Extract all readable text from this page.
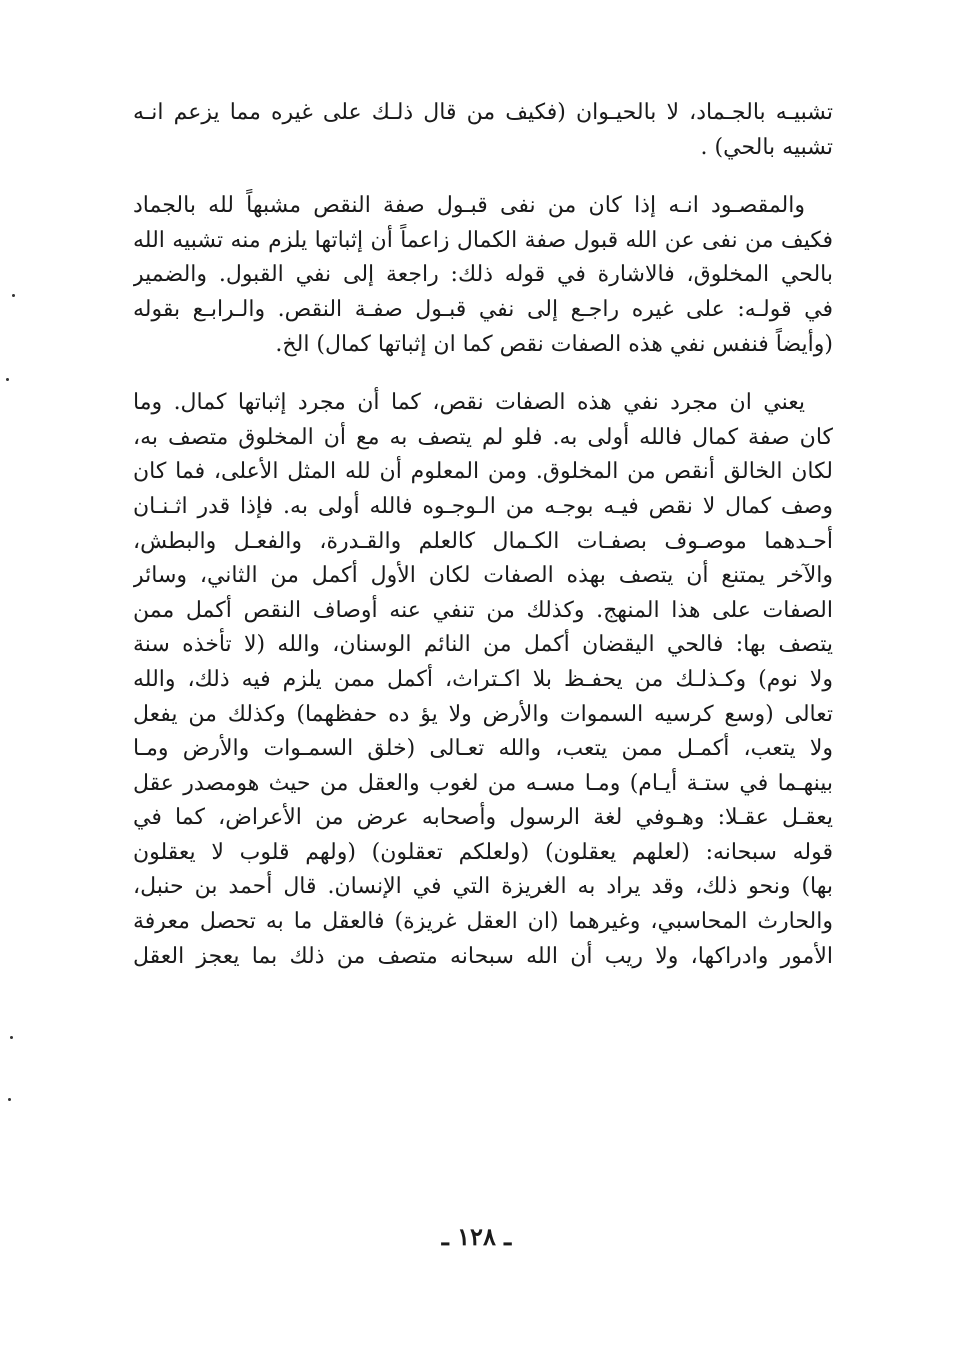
تشبيـه بالجـماد، لا بالحيـوان (فكيف من قال ذلـك على غيره مما يزعم انـه
تشبيه بالحي) .

والمقصـود انـه إذا كان من نفى قبـول صفة النقص مشبهاً لله بالجماد
فكيف من نفى عن الله قبول صفة الكمال زاعماً أن إثباتها يلزم منه تشبيه الله
بالحي المخلوق، فالاشارة في قوله ذلك: راجعة إلى نفي القبول. والضمير
في قولـه: على غيره راجـع إلى نفي قبـول صفـة النقص. والـرابـع بقوله
(وأيضاً فنفس نفي هذه الصفات نقص كما ان إثباتها كمال) الخ.

يعني ان مجرد نفي هذه الصفات نقص، كما أن مجرد إثباتها كمال. وما
كان صفة كمال فالله أولى به. فلو لم يتصف به مع أن المخلوق متصف به،
لكان الخالق أنقص من المخلوق. ومن المعلوم أن لله المثل الأعلى، فما كان
وصف كمال لا نقص فيـه بوجـه من الـوجـوه فالله أولى به. فإذا قدر اثـنـان
أحـدهما موصـوف بصفـات الكـمال كالعلم والقـدرة، والفعـل والبطش،
والآخر يمتنع أن يتصف بهذه الصفات لكان الأول أكمل من الثاني، وسائر
الصفات على هذا المنهج. وكذلك من تنفي عنه أوصاف النقص أكمل ممن
يتصف بها: فالحي اليقضان أكمل من النائم الوسنان، والله (لا تأخذه سنة
ولا نوم) وكـذلـك من يحفـظ بلا اكـتراث، أكمل ممن يلزم فيه ذلك، والله
تعالى (وسع كرسيه السموات والأرض ولا يؤ ده حفظهما) وكذلك من يفعل
ولا يتعب، أكمـل ممن يتعب، والله تعـالى (خلق السمـوات والأرض ومـا
بينهـما في ستـة أيـام) ومـا مسـه من لغوب والعقل من حيث هومصدر عقل
يعقـل عقـلا: وهـوفي لغة الرسول وأصحابه عرض من الأعراض، كما في
قوله سبحانه: (لعلهم يعقلون) (ولعلكم تعقلون) (ولهم قلوب لا يعقلون
بها) ونحو ذلك، وقد يراد به الغريزة التي في الإنسان. قال أحمد بن حنبل،
والحارث المحاسبي، وغيرهما (ان العقل غريزة) فالعقل ما به تحصل معرفة
الأمور وادراكها، ولا ريب أن الله سبحانه متصف من ذلك بما يعجز العقل

ـ ١٢٨ ـ
